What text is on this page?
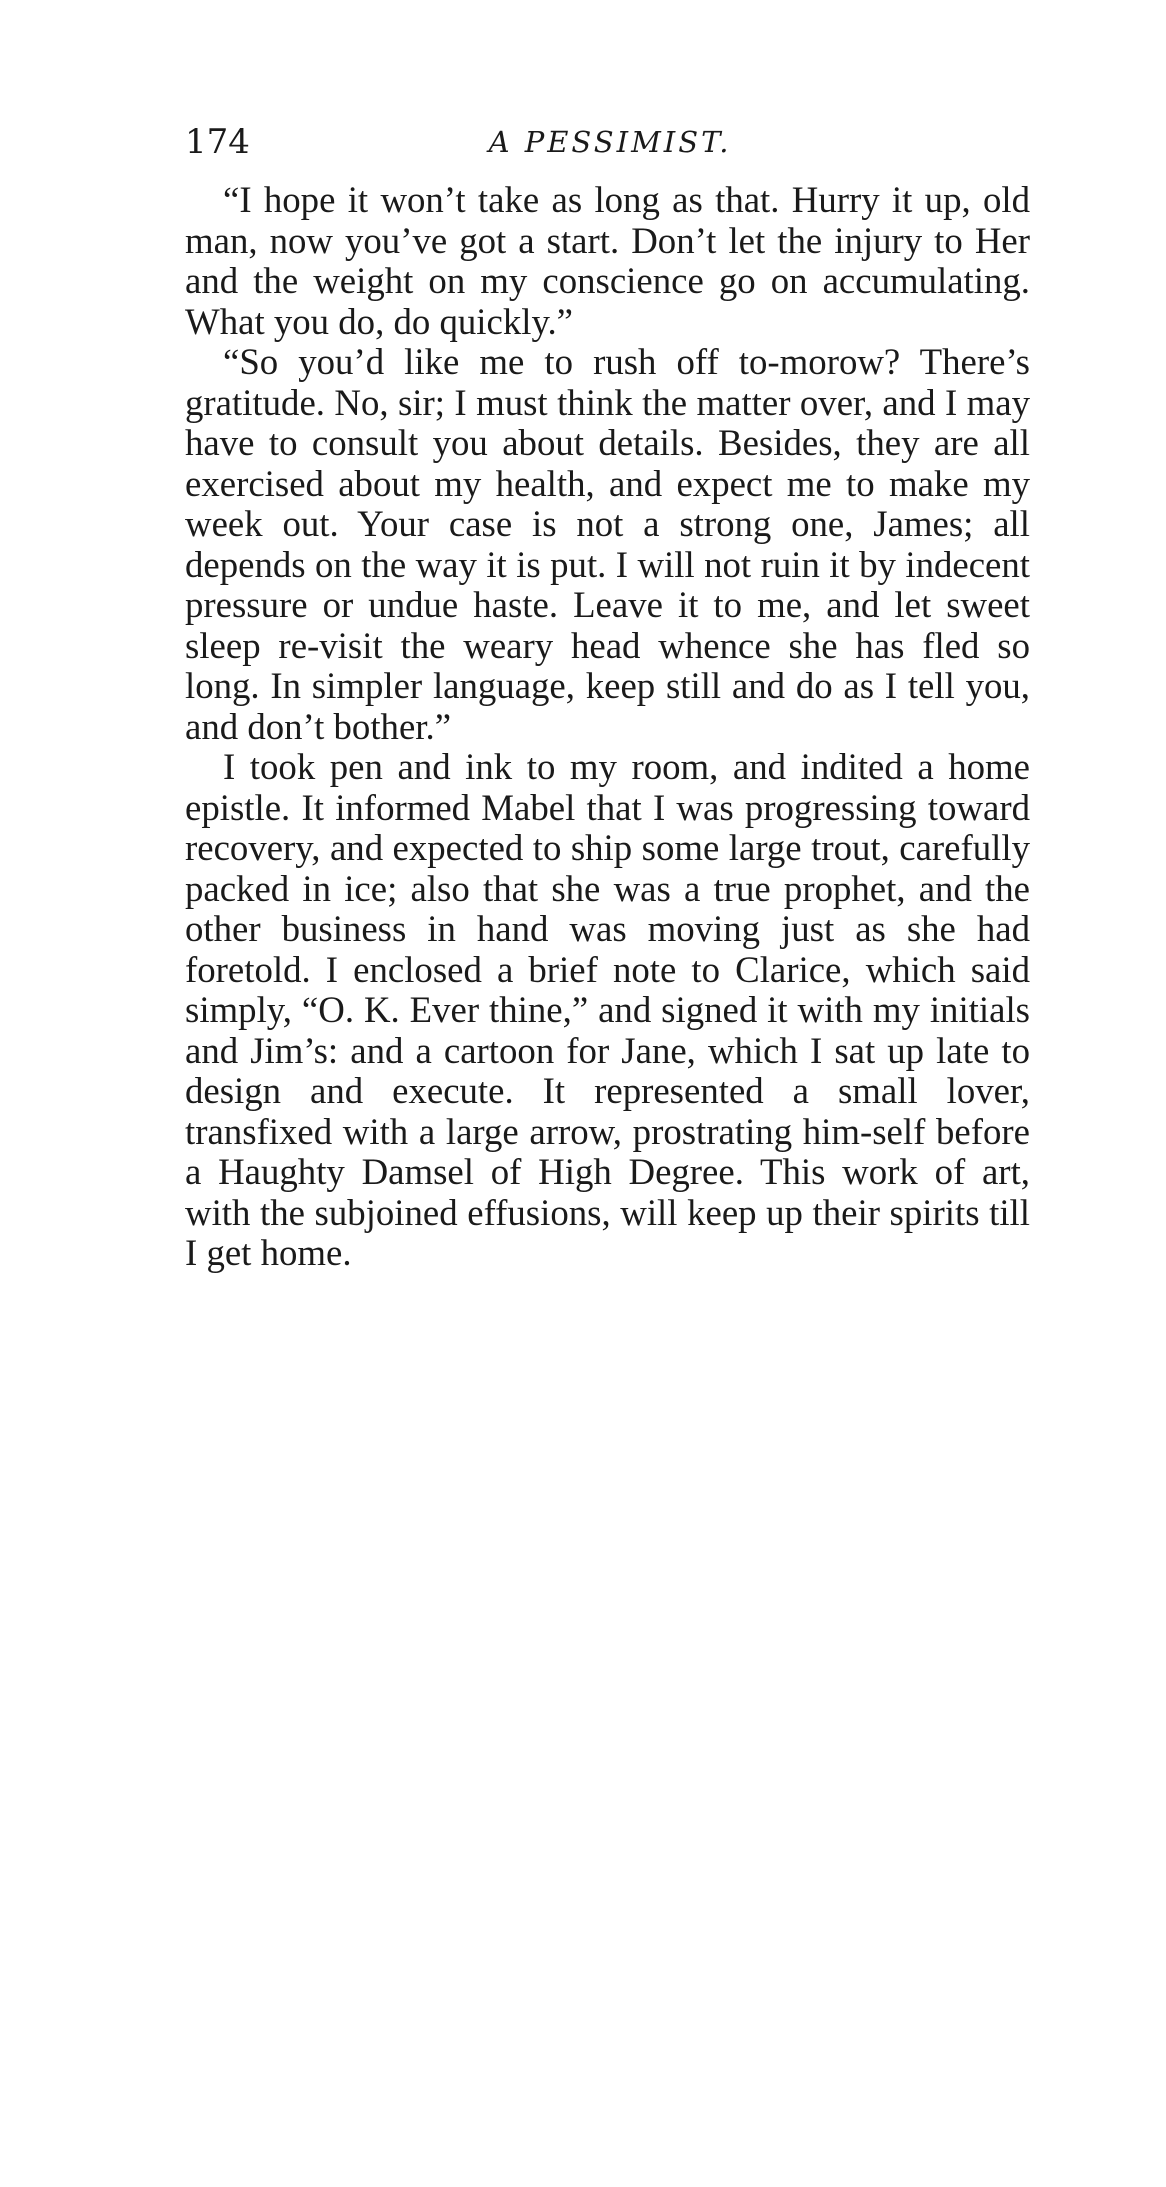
174	A PESSIMIST.

“I hope it won’t take as long as that. Hurry it up, old man, now you’ve got a start. Don’t let the injury to Her and the weight on my conscience go on accumulating. What you do, do quickly.”

“So you’d like me to rush off to-morow? There’s gratitude. No, sir; I must think the matter over, and I may have to consult you about details. Besides, they are all exercised about my health, and expect me to make my week out. Your case is not a strong one, James; all depends on the way it is put. I will not ruin it by indecent pressure or undue haste. Leave it to me, and let sweet sleep re-visit the weary head whence she has fled so long. In simpler language, keep still and do as I tell you, and don’t bother.”

I took pen and ink to my room, and indited a home epistle. It informed Mabel that I was progressing toward recovery, and expected to ship some large trout, carefully packed in ice; also that she was a true prophet, and the other business in hand was moving just as she had foretold. I enclosed a brief note to Clarice, which said simply, “O. K. Ever thine,” and signed it with my initials and Jim’s: and a cartoon for Jane, which I sat up late to design and execute. It represented a small lover, transfixed with a large arrow, prostrating him-self before a Haughty Damsel of High Degree. This work of art, with the subjoined effusions, will keep up their spirits till I get home.
